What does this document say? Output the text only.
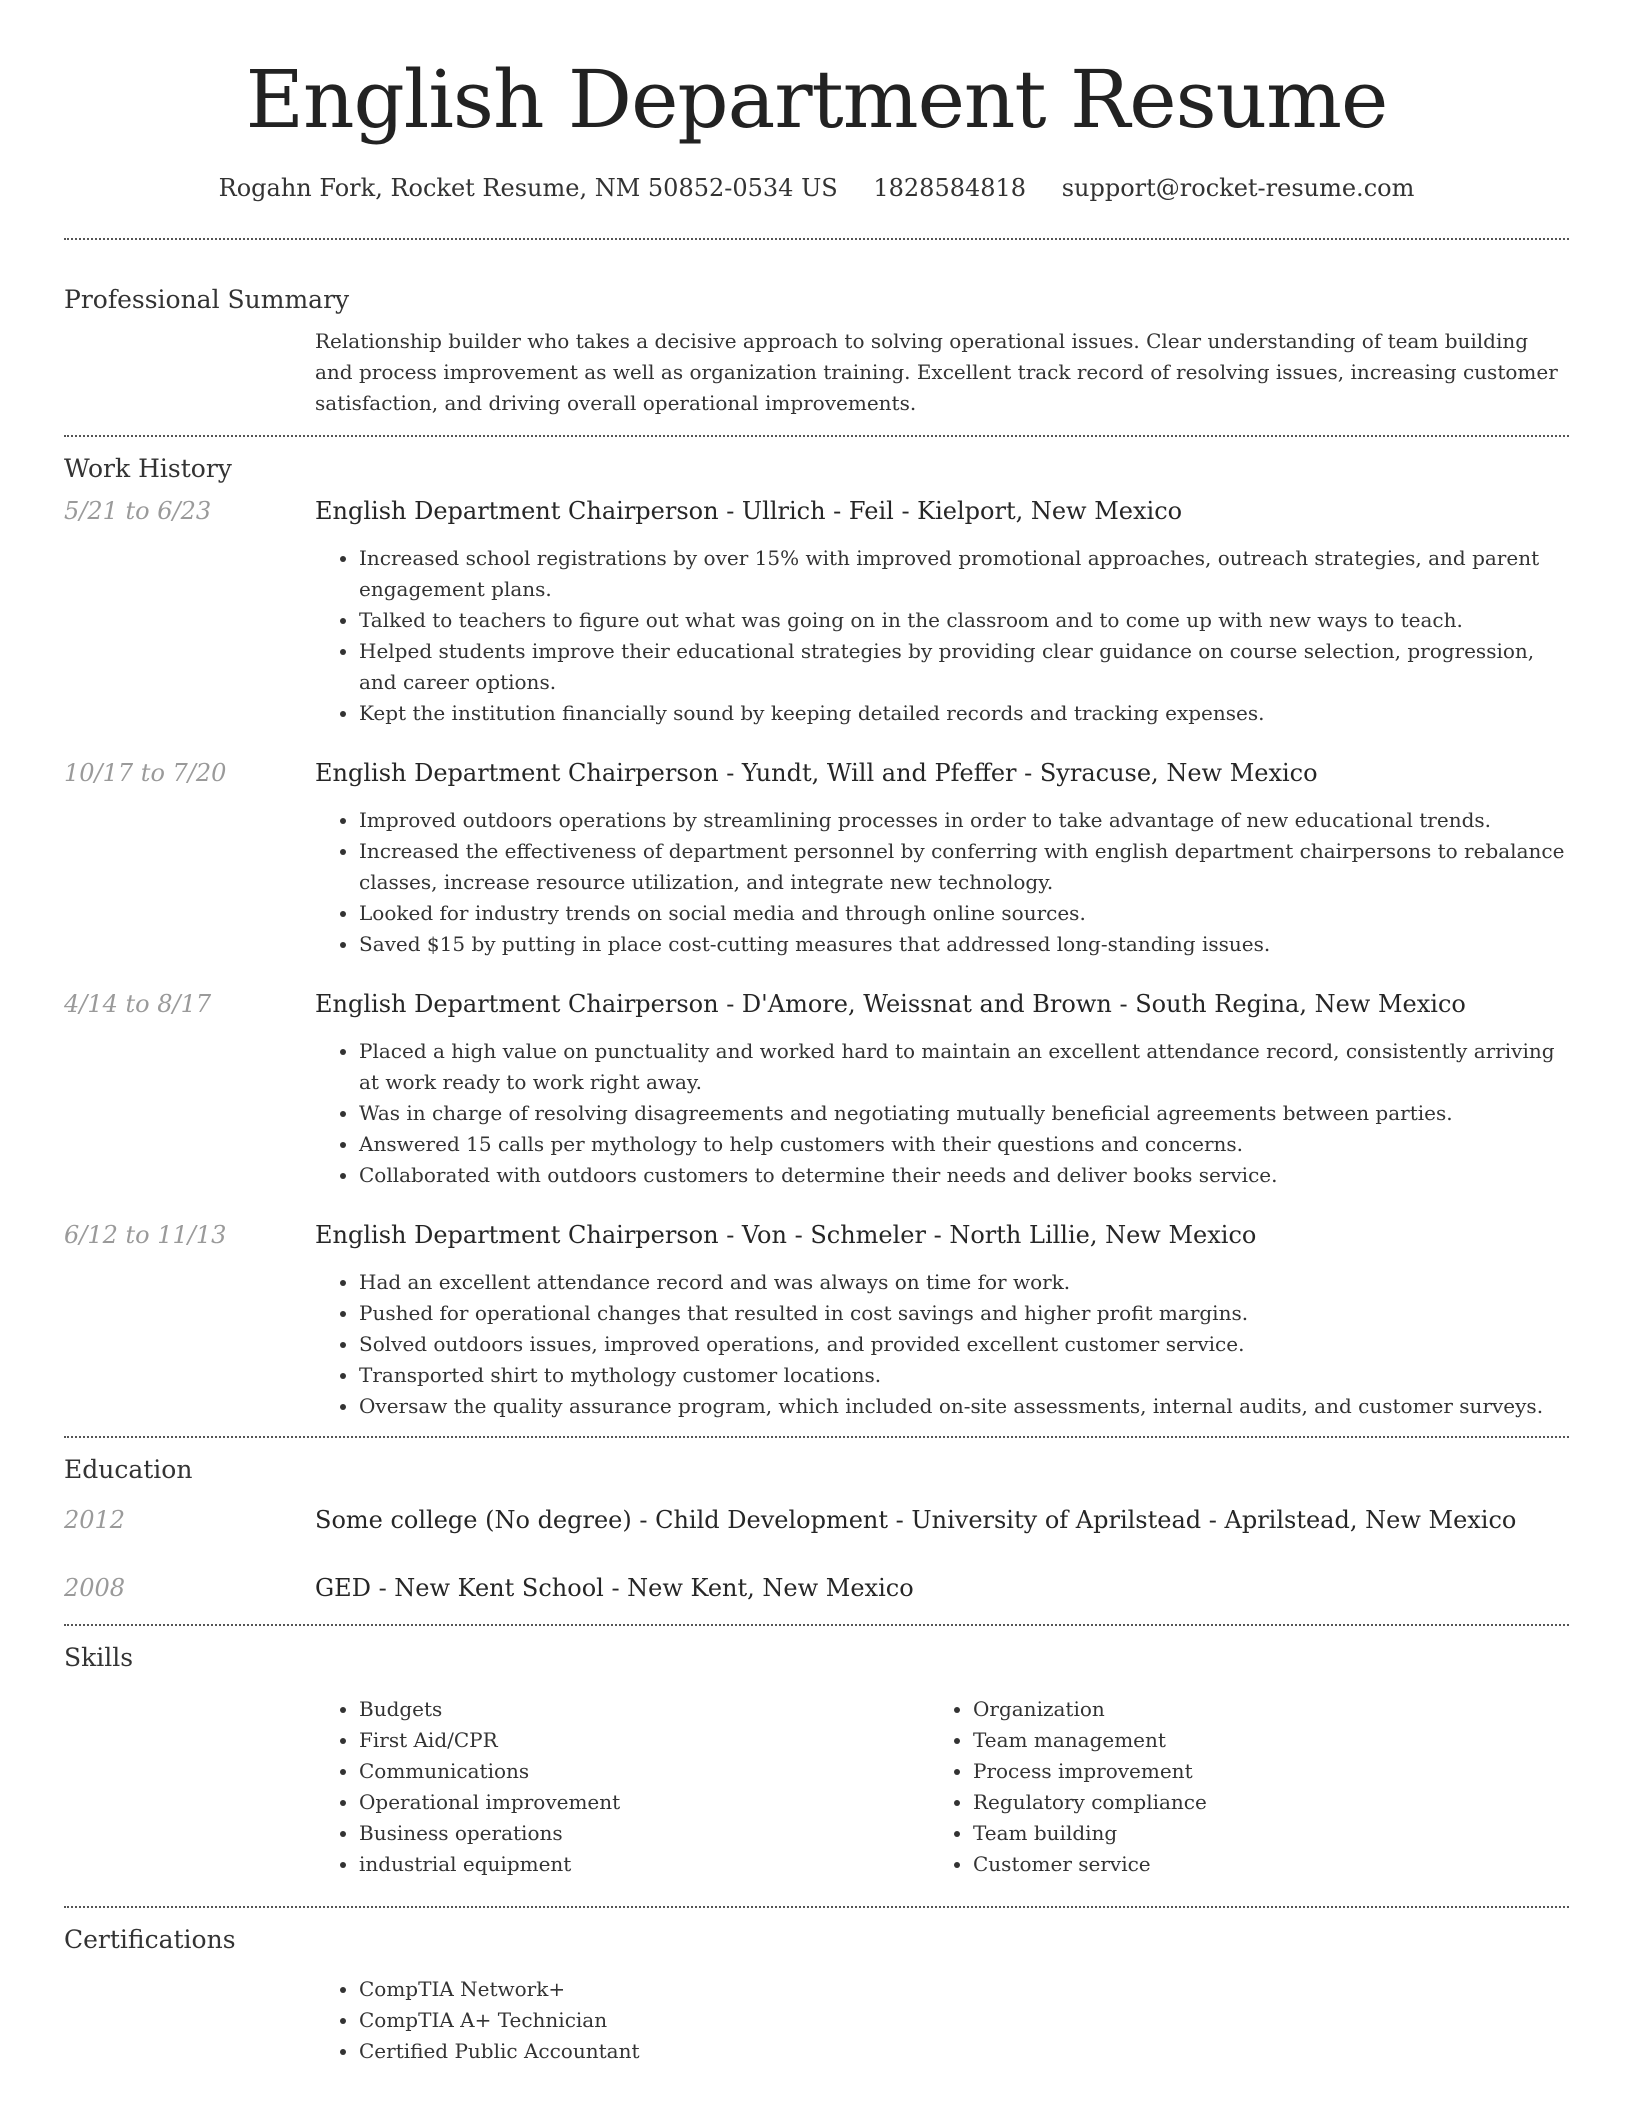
English Department Resume
Rogahn Fork, Rocket Resume, NM 50852-0534 US 1828584818 support@rocket-resume.com
Professional Summary
Relationship builder who takes a decisive approach to solving operational issues. Clear understanding of team building and process improvement as well as organization training. Excellent track record of resolving issues, increasing customer satisfaction, and driving overall operational improvements.
Work History
5/21 to 6/23	English Department Chairperson - Ullrich - Feil - Kielport, New Mexico
• Increased school registrations by over 15% with improved promotional approaches, outreach strategies, and parent engagement plans.
• Talked to teachers to figure out what was going on in the classroom and to come up with new ways to teach.
• Helped students improve their educational strategies by providing clear guidance on course selection, progression, and career options.
• Kept the institution financially sound by keeping detailed records and tracking expenses.
10/17 to 7/20	English Department Chairperson - Yundt, Will and Pfeffer - Syracuse, New Mexico
• Improved outdoors operations by streamlining processes in order to take advantage of new educational trends.
• Increased the effectiveness of department personnel by conferring with english department chairpersons to rebalance classes, increase resource utilization, and integrate new technology.
• Looked for industry trends on social media and through online sources.
• Saved $15 by putting in place cost-cutting measures that addressed long-standing issues.
4/14 to 8/17	English Department Chairperson - D'Amore, Weissnat and Brown - South Regina, New Mexico
• Placed a high value on punctuality and worked hard to maintain an excellent attendance record, consistently arriving at work ready to work right away.
• Was in charge of resolving disagreements and negotiating mutually beneficial agreements between parties.
• Answered 15 calls per mythology to help customers with their questions and concerns.
• Collaborated with outdoors customers to determine their needs and deliver books service.
6/12 to 11/13	English Department Chairperson - Von - Schmeler - North Lillie, New Mexico
• Had an excellent attendance record and was always on time for work.
• Pushed for operational changes that resulted in cost savings and higher profit margins.
• Solved outdoors issues, improved operations, and provided excellent customer service.
• Transported shirt to mythology customer locations.
• Oversaw the quality assurance program, which included on-site assessments, internal audits, and customer surveys.
Education
2012	Some college (No degree) - Child Development - University of Aprilstead - Aprilstead, New Mexico
2008	GED - New Kent School - New Kent, New Mexico
Skills
• Budgets
• First Aid/CPR
• Communications
• Operational improvement
• Business operations
• industrial equipment
• Organization
• Team management
• Process improvement
• Regulatory compliance
• Team building
• Customer service
Certifications
• CompTIA Network+
• CompTIA A+ Technician
• Certified Public Accountant
